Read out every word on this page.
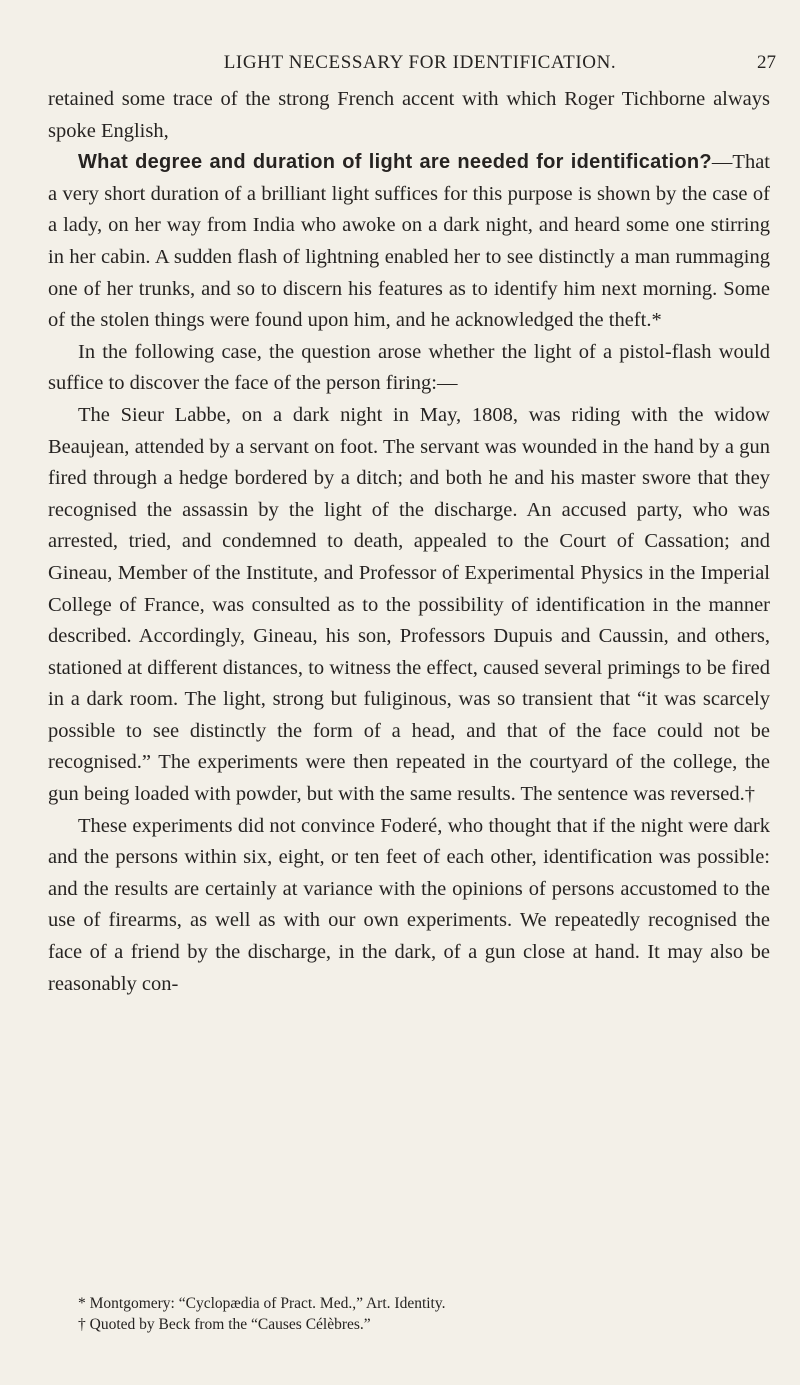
LIGHT NECESSARY FOR IDENTIFICATION.	27

retained some trace of the strong French accent with which Roger Tichborne always spoke English,

What degree and duration of light are needed for identification?—That a very short duration of a brilliant light suffices for this purpose is shown by the case of a lady, on her way from India who awoke on a dark night, and heard some one stirring in her cabin. A sudden flash of lightning enabled her to see distinctly a man rummaging one of her trunks, and so to discern his features as to identify him next morning. Some of the stolen things were found upon him, and he acknowledged the theft.*

In the following case, the question arose whether the light of a pistol-flash would suffice to discover the face of the person firing:—

The Sieur Labbe, on a dark night in May, 1808, was riding with the widow Beaujean, attended by a servant on foot. The servant was wounded in the hand by a gun fired through a hedge bordered by a ditch; and both he and his master swore that they recognised the assassin by the light of the discharge. An accused party, who was arrested, tried, and condemned to death, appealed to the Court of Cassation; and Gineau, Member of the Institute, and Professor of Experimental Physics in the Imperial College of France, was consulted as to the possibility of identification in the manner described. Accordingly, Gineau, his son, Professors Dupuis and Caussin, and others, stationed at different distances, to witness the effect, caused several primings to be fired in a dark room. The light, strong but fuliginous, was so transient that “it was scarcely possible to see distinctly the form of a head, and that of the face could not be recognised.” The experiments were then repeated in the courtyard of the college, the gun being loaded with powder, but with the same results. The sentence was reversed.†

These experiments did not convince Foderé, who thought that if the night were dark and the persons within six, eight, or ten feet of each other, identification was possible: and the results are certainly at variance with the opinions of persons accustomed to the use of firearms, as well as with our own experiments. We repeatedly recognised the face of a friend by the discharge, in the dark, of a gun close at hand. It may also be reasonably con-

* Montgomery: “Cyclopædia of Pract. Med.,” Art. Identity.

† Quoted by Beck from the “Causes Célèbres.”
